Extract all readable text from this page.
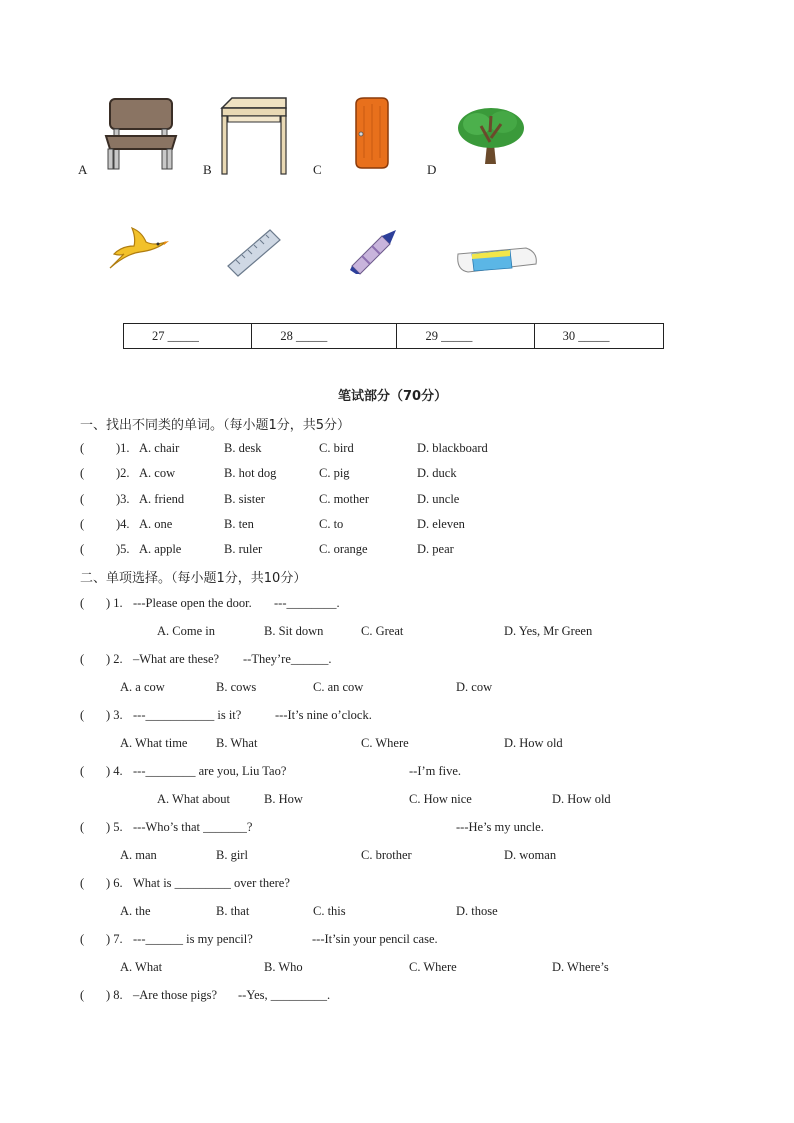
A	B	C	D
27 _____	28 _____	29 _____	30 _____
笔试部分（70分）
一、找出不同类的单词。（每小题1分，共5分）
(	)1. A. chair	B. desk	C. bird	D. blackboard
(	)2. A. cow	B. hot dog	C. pig	D. duck
(	)3. A. friend	B. sister	C. mother	D. uncle
(	)4. A. one	B. ten	C. to	D. eleven
(	)5. A. apple	B. ruler	C. orange	D. pear
二、单项选择。（每小题1分，共10分）
( ) 1. ---Please open the door. ---________.
A. Come in	B. Sit down	C. Great	D. Yes, Mr Green
( ) 2. –What are these? --They’re______.
A. a cow	B. cows	C. an cow	D. cow
( ) 3. ---___________ is it?	---It’s nine o’clock.
A. What time B. What	C. Where	D. How old
( ) 4. ---________ are you, Liu Tao?	--I’m five.
A. What about	B. How	C. How nice	D. How old
( ) 5. ---Who’s that _______?	---He’s my uncle.
A. man	B. girl	C. brother	D. woman
( ) 6. What is _________ over there?
A. the	B. that	C. this	D. those
( ) 7. ---______ is my pencil?	---It’sin your pencil case.
A. What	B. Who	C. Where	D. Where’s
( ) 8. –Are those pigs? --Yes, _________.
